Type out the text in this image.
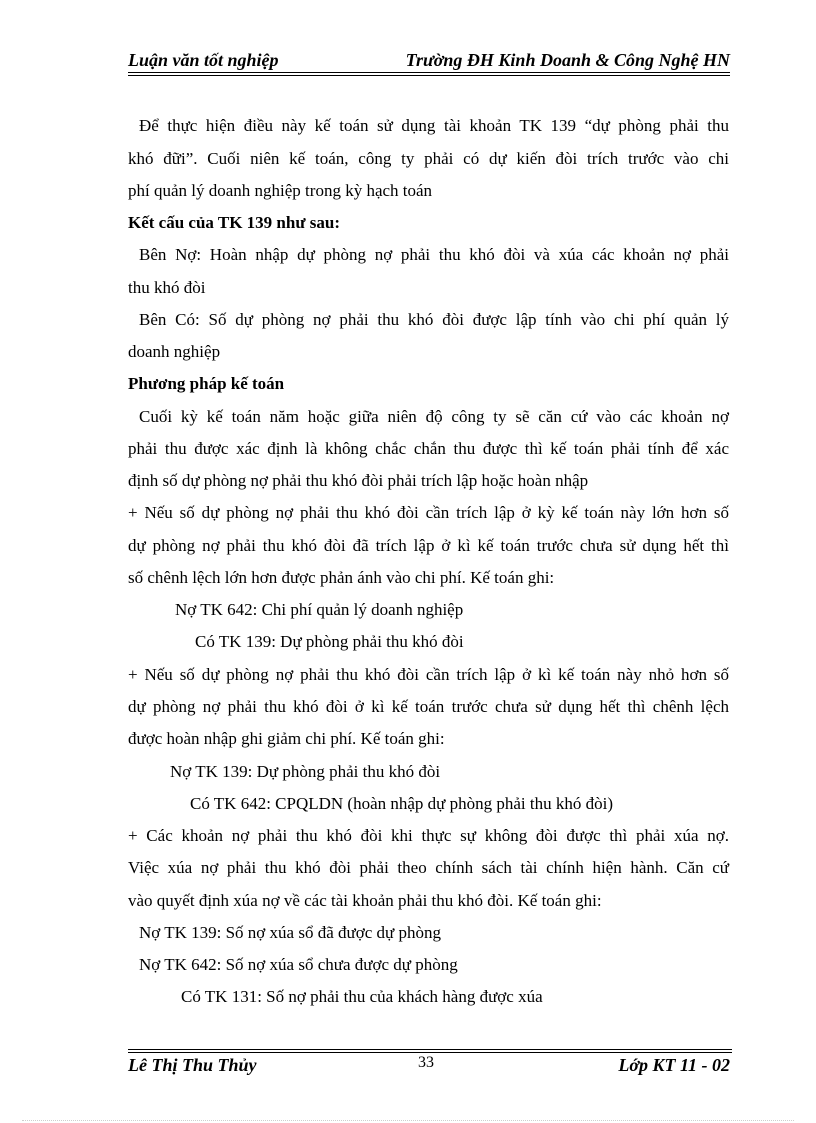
Luận văn tốt nghiệp	Trường ĐH Kinh Doanh & Công Nghệ HN
Để thực hiện điều này kế toán sử dụng tài khoản TK 139 “dự phòng phải thu
khó đữi”. Cuối niên kế toán, công ty phải có dự kiến đòi trích trước vào chi
phí quản lý doanh nghiệp trong kỳ hạch toán
Kết cấu của TK 139 như sau:
Bên Nợ: Hoàn nhập dự phòng nợ phải thu khó đòi và xúa các khoản nợ phải
thu khó đòi
Bên Có: Số dự phòng nợ phải thu khó đòi được lập tính vào chi phí quản lý
doanh nghiệp
Phương pháp kế toán
Cuối kỳ kế toán năm hoặc giữa niên độ công ty sẽ căn cứ vào các khoản nợ
phải thu được xác định là không chắc chắn thu được thì kế toán phải tính để xác
định số dự phòng nợ phải thu khó đòi phải trích lập hoặc hoàn nhập
+ Nếu số dự phòng nợ phải thu khó đòi cần trích lập ở kỳ kế toán này lớn hơn số
dự phòng nợ phải thu khó đòi đã trích lập ở kì kế toán trước chưa sử dụng hết thì
số chênh lệch lớn hơn được phản ánh vào chi phí. Kế toán ghi:
Nợ TK 642: Chi phí quản lý doanh nghiệp
Có TK 139: Dự phòng phải thu khó đòi
+ Nếu số dự phòng nợ phải thu khó đòi cần trích lập ở kì kế toán này nhỏ hơn số
dự phòng nợ phải thu khó đòi ở kì kế toán trước chưa sử dụng hết thì chênh lệch
được hoàn nhập ghi giảm chi phí. Kế toán ghi:
Nợ TK 139: Dự phòng phải thu khó đòi
Có TK 642: CPQLDN (hoàn nhập dự phòng phải thu khó đòi)
+ Các khoản nợ phải thu khó đòi khi thực sự không đòi được thì phải xúa nợ.
Việc xúa nợ phải thu khó đòi phải theo chính sách tài chính hiện hành. Căn cứ
vào quyết định xúa nợ về các tài khoản phải thu khó đòi. Kế toán ghi:
Nợ TK 139: Số nợ xúa sổ đã được dự phòng
Nợ TK 642: Số nợ xúa sổ chưa được dự phòng
Có TK 131: Số nợ phải thu của khách hàng được xúa
Lê Thị Thu Thủy	33	Lớp KT 11 - 02
